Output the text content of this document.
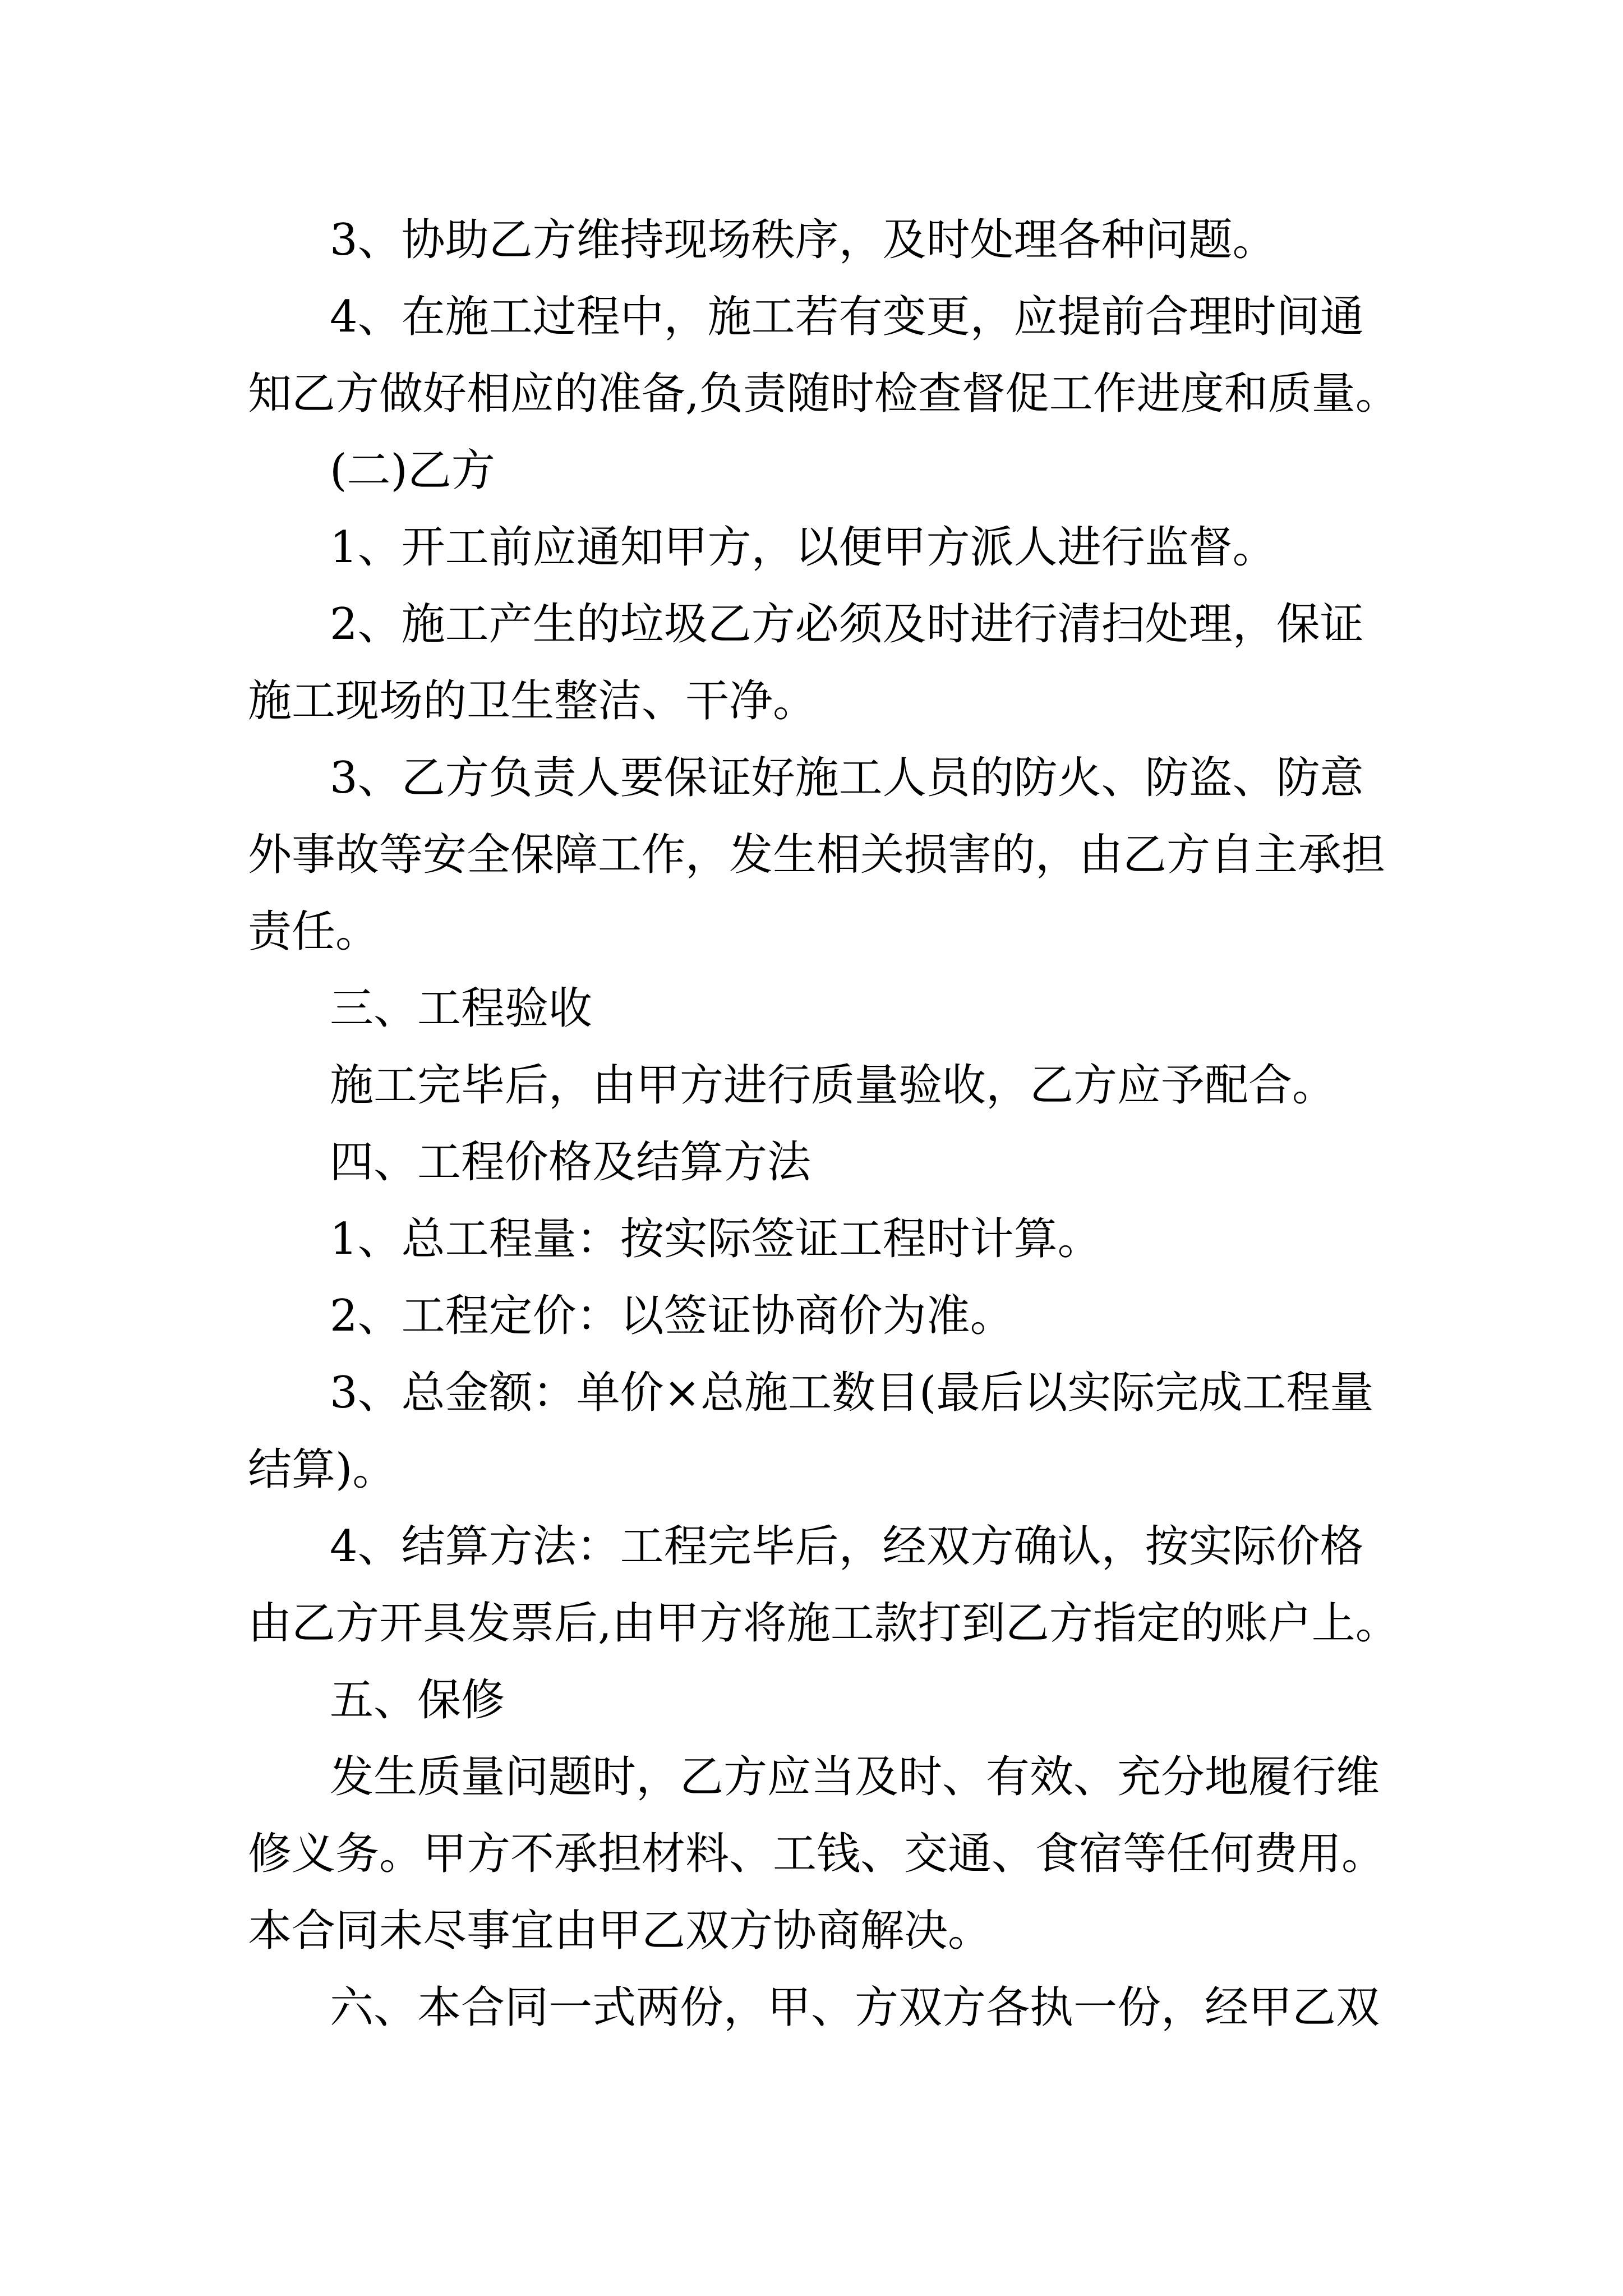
3、协助乙方维持现场秩序，及时处理各种问题。
4、在施工过程中，施工若有变更，应提前合理时间通
知乙方做好相应的准备,负责随时检查督促工作进度和质量。
(二)乙方
1、开工前应通知甲方，以便甲方派人进行监督。
2、施工产生的垃圾乙方必须及时进行清扫处理，保证
施工现场的卫生整洁、干净。
3、乙方负责人要保证好施工人员的防火、防盗、防意
外事故等安全保障工作，发生相关损害的，由乙方自主承担
责任。
三、工程验收
施工完毕后，由甲方进行质量验收，乙方应予配合。
四、工程价格及结算方法
1、总工程量：按实际签证工程时计算。
2、工程定价：以签证协商价为准。
3、总金额：单价×总施工数目(最后以实际完成工程量
结算)。
4、结算方法：工程完毕后，经双方确认，按实际价格
由乙方开具发票后,由甲方将施工款打到乙方指定的账户上。
五、保修
发生质量问题时，乙方应当及时、有效、充分地履行维
修义务。甲方不承担材料、工钱、交通、食宿等任何费用。
本合同未尽事宜由甲乙双方协商解决。
六、本合同一式两份，甲、方双方各执一份，经甲乙双
